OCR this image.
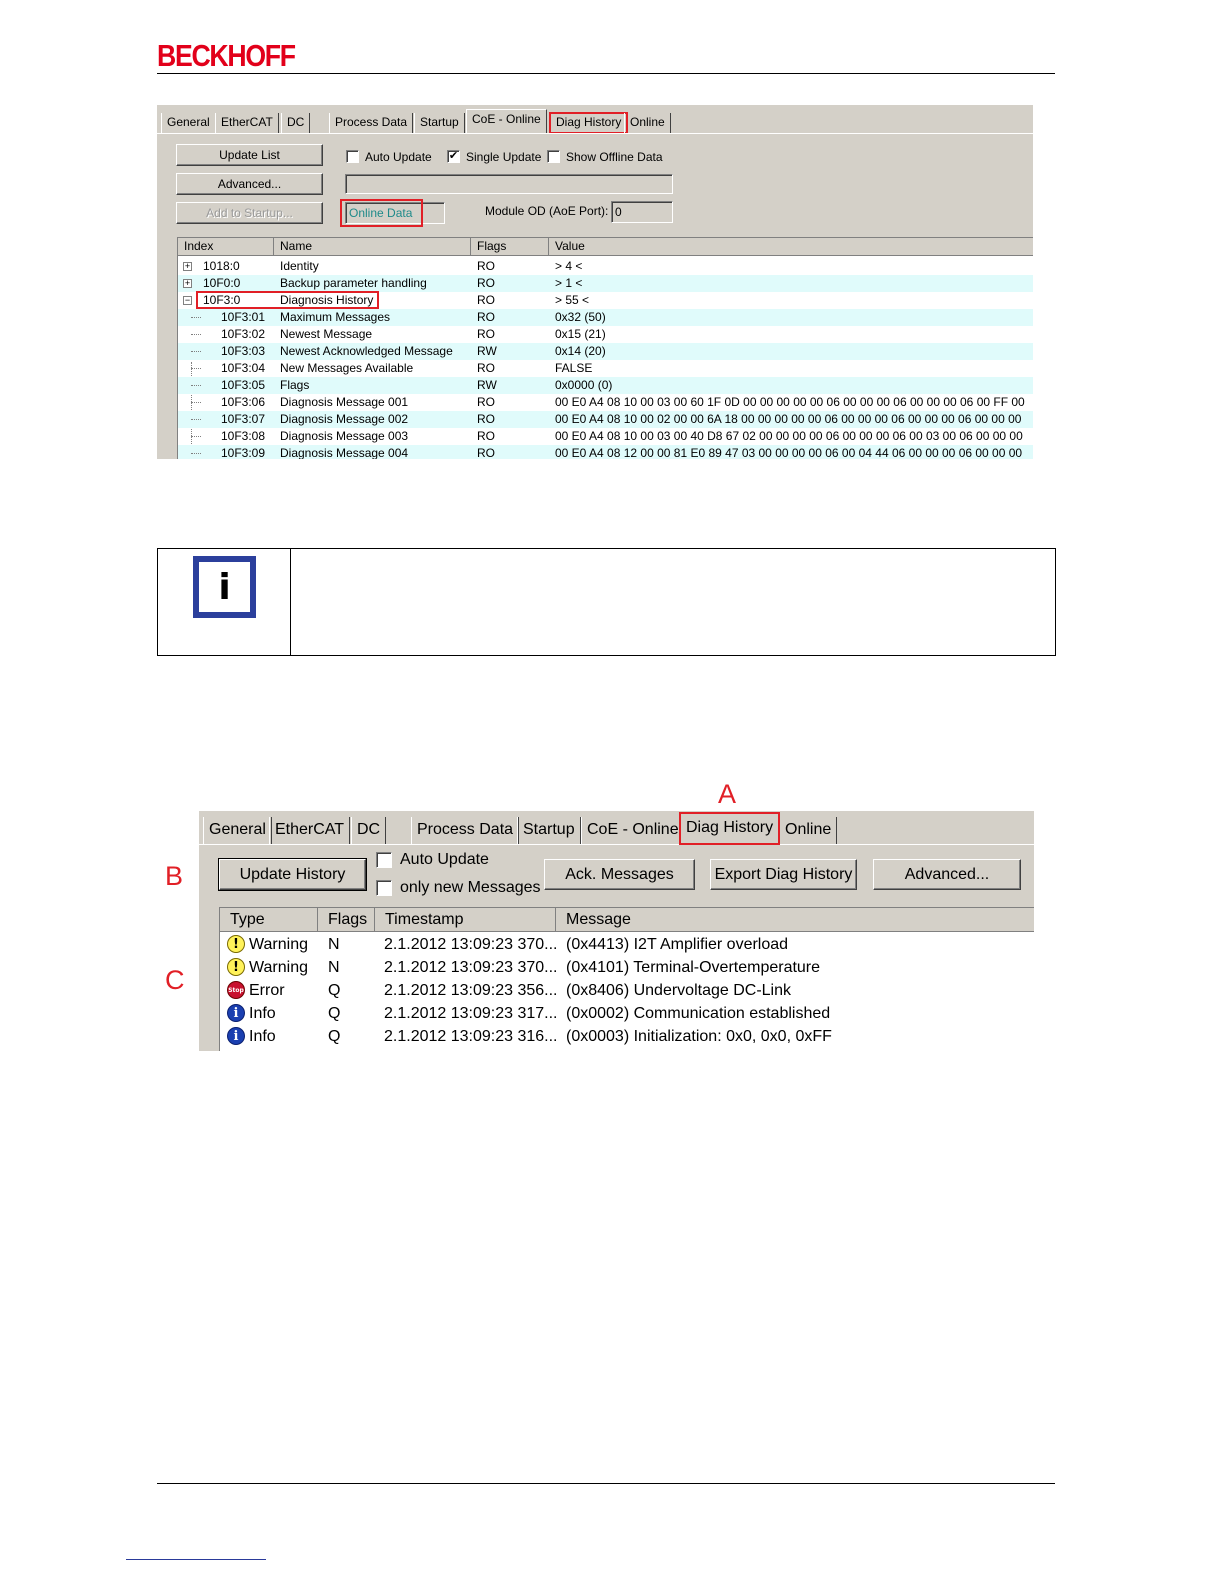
BECKHOFF
General EtherCAT	DC	Process Data	Startup	CoE - Online	Diag History Online
Update List
Advanced...
Add to Startup...
Auto Update ✔ Single Update Show Offline Data
Online Data	Module OD (AoE Port): 0
Index	Name	Flags	Value
+ 1018:0	Identity	RO	> 4 <
+ 10F0:0	Backup parameter handling	RO	> 1 <
− 10F3:0	Diagnosis History	RO	> 55 <
10F3:01 Maximum Messages	RO	0x32 (50)
10F3:02 Newest Message	RO	0x15 (21)
10F3:03 Newest Acknowledged Message RW	0x14 (20)
10F3:04 New Messages Available	RO	FALSE
10F3:05 Flags	RW	0x0000 (0)
10F3:06 Diagnosis Message 001	RO	00 E0 A4 08 10 00 03 00 60 1F 0D 00 00 00 00 00 06 00 00 00 06 00 00 00 06 00 FF 00
10F3:07 Diagnosis Message 002	RO	00 E0 A4 08 10 00 02 00 00 6A 18 00 00 00 00 00 06 00 00 00 06 00 00 00 06 00 00 00
10F3:08 Diagnosis Message 003	RO	00 E0 A4 08 10 00 03 00 40 D8 67 02 00 00 00 00 06 00 00 00 06 00 03 00 06 00 00 00
10F3:09 Diagnosis Message 004	RO	00 E0 A4 08 12 00 00 81 E0 89 47 03 00 00 00 00 06 00 04 44 06 00 00 00 06 00 00 00
i
A
B
C
General EtherCAT DC	Process Data Startup CoE - Online Diag History Online
Update History
Auto Update
only new Messages
Ack. Messages	Export Diag History	Advanced...
Type	Flags	Timestamp	Message
! Warning N	2.1.2012 13:09:23 370... (0x4413) I2T Amplifier overload
! Warning N	2.1.2012 13:09:23 370... (0x4101) Terminal-Overtemperature
Stop Error	Q	2.1.2012 13:09:23 356... (0x8406) Undervoltage DC-Link
i Info	Q	2.1.2012 13:09:23 317... (0x0002) Communication established
i Info	Q	2.1.2012 13:09:23 316... (0x0003) Initialization: 0x0, 0x0, 0xFF
